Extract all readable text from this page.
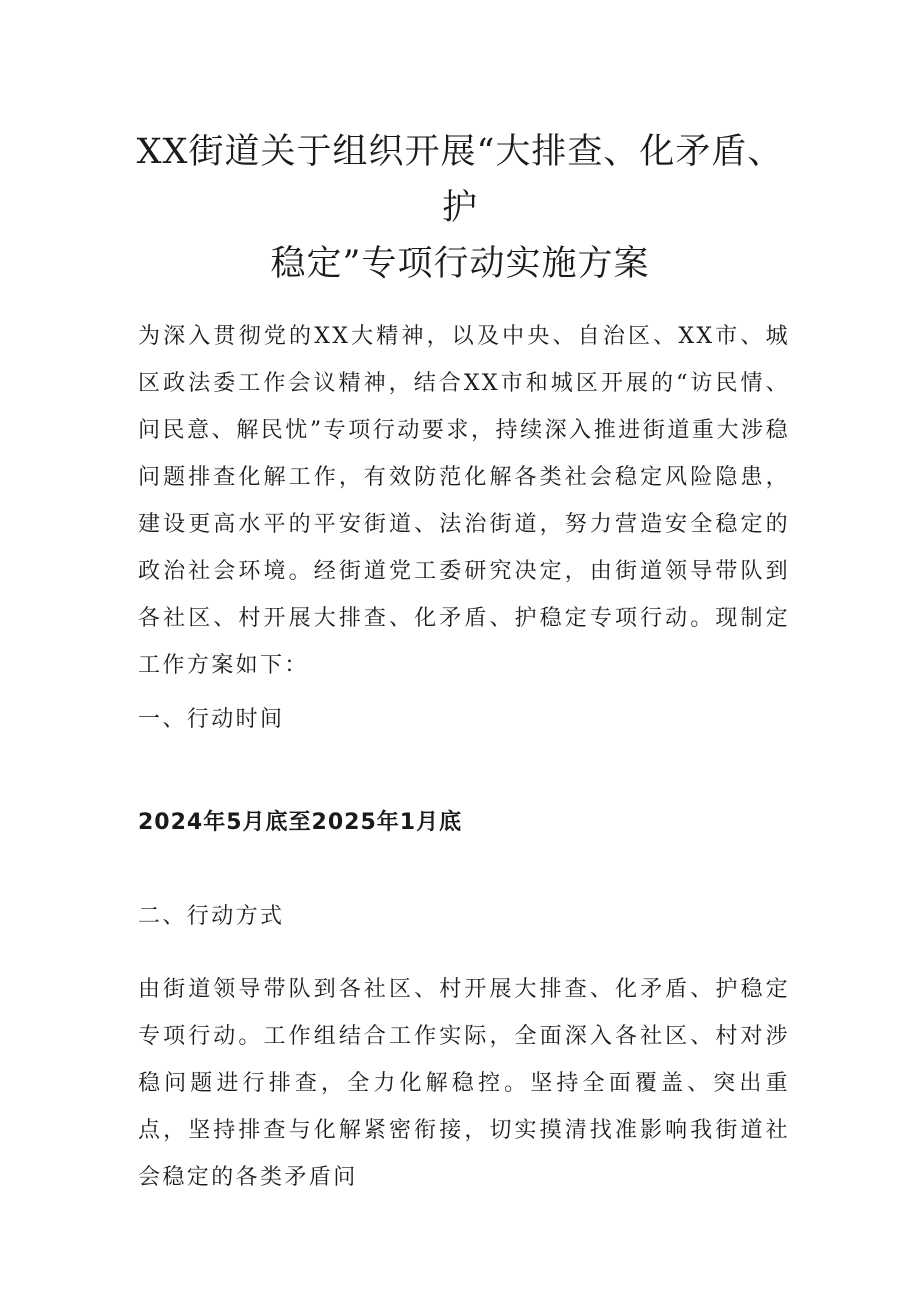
XX街道关于组织开展“大排查、化矛盾、护
稳定”专项行动实施方案

为深入贯彻党的XX大精神，以及中央、自治区、XX市、城区政法委工作会议精神，结合XX市和城区开展的“访民情、问民意、解民忧”专项行动要求，持续深入推进街道重大涉稳问题排查化解工作，有效防范化解各类社会稳定风险隐患，建设更高水平的平安街道、法治街道，努力营造安全稳定的政治社会环境。经街道党工委研究决定，由街道领导带队到各社区、村开展大排查、化矛盾、护稳定专项行动。现制定工作方案如下：

一、行动时间

2024年5月底至2025年1月底

二、行动方式

由街道领导带队到各社区、村开展大排查、化矛盾、护稳定专项行动。工作组结合工作实际，全面深入各社区、村对涉稳问题进行排查，全力化解稳控。坚持全面覆盖、突出重点，坚持排查与化解紧密衔接，切实摸清找准影响我街道社会稳定的各类矛盾问
